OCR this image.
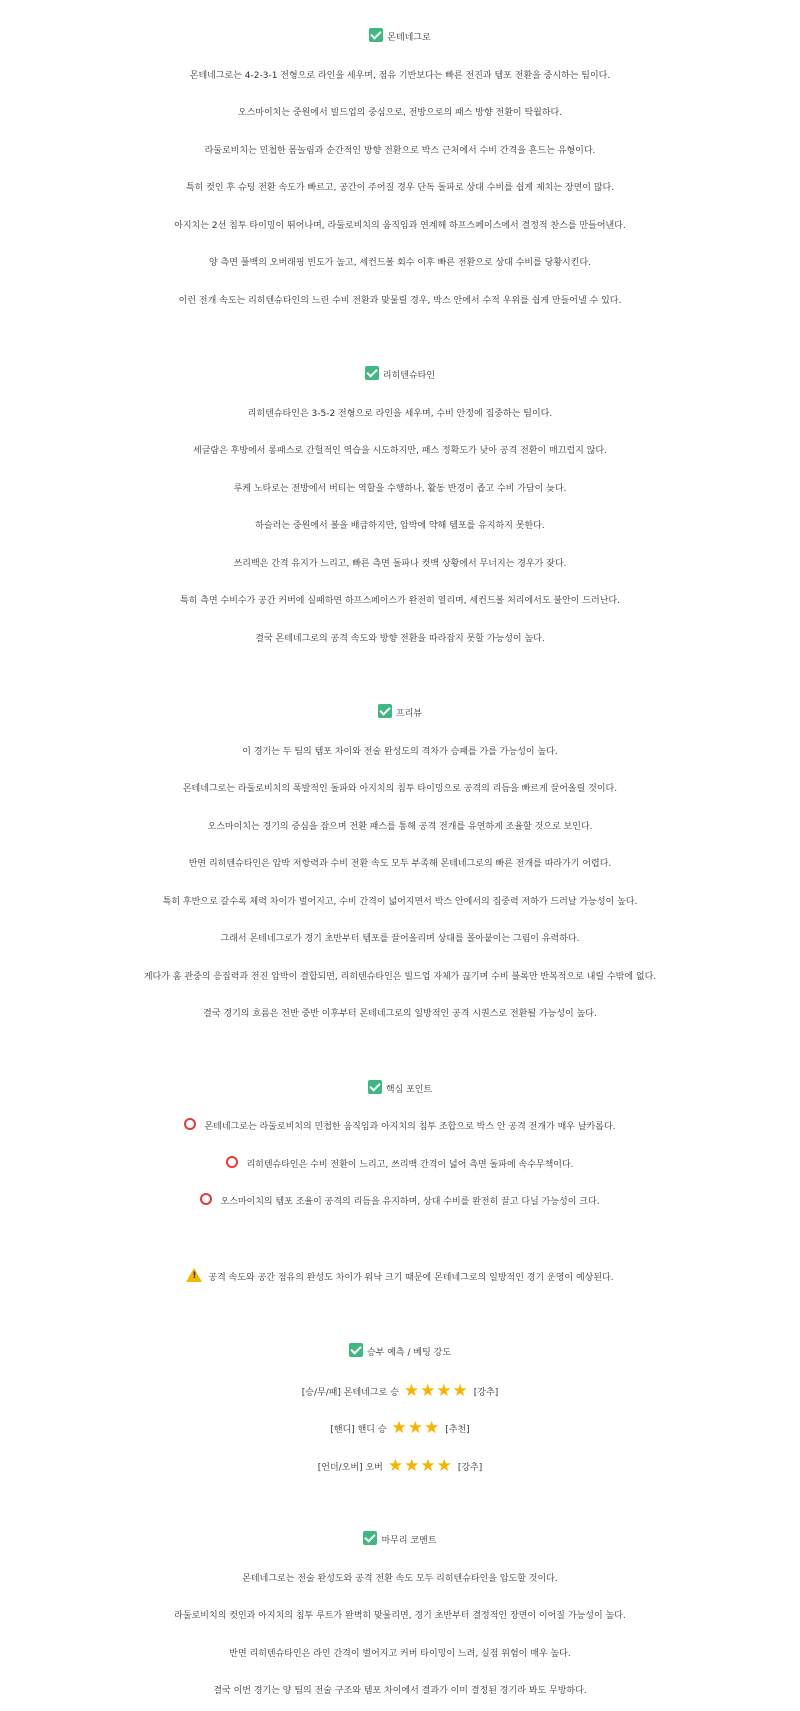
몬테네그로
몬테네그로는 4-2-3-1 전형으로 라인을 세우며, 점유 기반보다는 빠른 전진과 템포 전환을 중시하는 팀이다.
오스마이치는 중원에서 빌드업의 중심으로, 전방으로의 패스 방향 전환이 탁월하다.
라둘로비치는 민첩한 몸놀림과 순간적인 방향 전환으로 박스 근처에서 수비 간격을 흔드는 유형이다.
특히 컷인 후 슈팅 전환 속도가 빠르고, 공간이 주어질 경우 단독 돌파로 상대 수비를 쉽게 제치는 장면이 많다.
아지치는 2선 침투 타이밍이 뛰어나며, 라둘로비치의 움직임과 연계해 하프스페이스에서 결정적 찬스를 만들어낸다.
양 측면 풀백의 오버래핑 빈도가 높고, 세컨드볼 회수 이후 빠른 전환으로 상대 수비를 당황시킨다.
이런 전개 속도는 리히텐슈타인의 느린 수비 전환과 맞물릴 경우, 박스 안에서 수적 우위를 쉽게 만들어낼 수 있다.
리히텐슈타인
리히텐슈타인은 3-5-2 전형으로 라인을 세우며, 수비 안정에 집중하는 팀이다.
세글람은 후방에서 롱패스로 간헐적인 역습을 시도하지만, 패스 정확도가 낮아 공격 전환이 매끄럽지 않다.
루케 노타로는 전방에서 버티는 역할을 수행하나, 활동 반경이 좁고 수비 가담이 늦다.
하슬러는 중원에서 볼을 배급하지만, 압박에 약해 템포를 유지하지 못한다.
쓰리백은 간격 유지가 느리고, 빠른 측면 돌파나 컷백 상황에서 무너지는 경우가 잦다.
특히 측면 수비수가 공간 커버에 실패하면 하프스페이스가 완전히 열리며, 세컨드볼 처리에서도 불안이 드러난다.
결국 몬테네그로의 공격 속도와 방향 전환을 따라잡지 못할 가능성이 높다.
프리뷰
이 경기는 두 팀의 템포 차이와 전술 완성도의 격차가 승패를 가를 가능성이 높다.
몬테네그로는 라둘로비치의 폭발적인 돌파와 아지치의 침투 타이밍으로 공격의 리듬을 빠르게 끌어올릴 것이다.
오스마이치는 경기의 중심을 잡으며 전환 패스를 통해 공격 전개를 유연하게 조율할 것으로 보인다.
반면 리히텐슈타인은 압박 저항력과 수비 전환 속도 모두 부족해 몬테네그로의 빠른 전개를 따라가기 어렵다.
특히 후반으로 갈수록 체력 차이가 벌어지고, 수비 간격이 넓어지면서 박스 안에서의 집중력 저하가 드러날 가능성이 높다.
그래서 몬테네그로가 경기 초반부터 템포를 끌어올리며 상대를 몰아붙이는 그림이 유력하다.
게다가 홈 관중의 응집력과 전진 압박이 결합되면, 리히텐슈타인은 빌드업 자체가 끊기며 수비 블록만 반복적으로 내릴 수밖에 없다.
결국 경기의 흐름은 전반 중반 이후부터 몬테네그로의 일방적인 공격 시퀀스로 전환될 가능성이 높다.
핵심 포인트
몬테네그로는 라둘로비치의 민첩한 움직임과 아지치의 침투 조합으로 박스 안 공격 전개가 매우 날카롭다.
리히텐슈타인은 수비 전환이 느리고, 쓰리백 간격이 넓어 측면 돌파에 속수무책이다.
오스마이치의 템포 조율이 공격의 리듬을 유지하며, 상대 수비를 완전히 끌고 다닐 가능성이 크다.
!공격 속도와 공간 점유의 완성도 차이가 워낙 크기 때문에 몬테네그로의 일방적인 경기 운영이 예상된다.
승부 예측 / 베팅 강도
[승/무/패] 몬테네그로 승 ★★★★ [강추]
[핸디] 핸디 승 ★★★ [추천]
[언더/오버] 오버 ★★★★ [강추]
마무리 코멘트
몬테네그로는 전술 완성도와 공격 전환 속도 모두 리히텐슈타인을 압도할 것이다.
라둘로비치의 컷인과 아지치의 침투 루트가 완벽히 맞물리면, 경기 초반부터 결정적인 장면이 이어질 가능성이 높다.
반면 리히텐슈타인은 라인 간격이 벌어지고 커버 타이밍이 느려, 실점 위험이 매우 높다.
결국 이번 경기는 양 팀의 전술 구조와 템포 차이에서 결과가 이미 결정된 경기라 봐도 무방하다.
